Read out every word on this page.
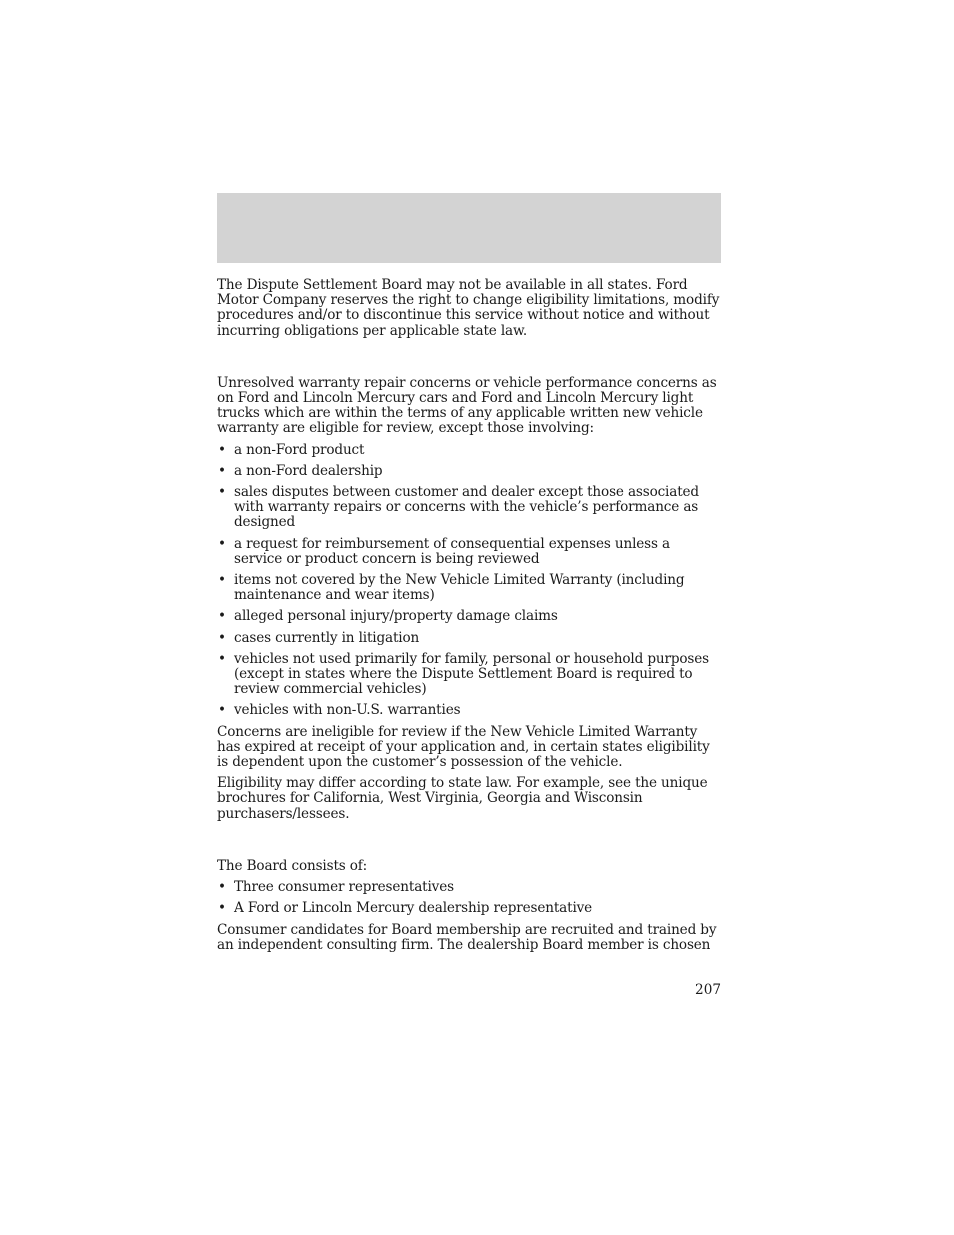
The Dispute Settlement Board may not be available in all states. Ford Motor Company reserves the right to change eligibility limitations, modify procedures and/or to discontinue this service without notice and without incurring obligations per applicable state law.

Unresolved warranty repair concerns or vehicle performance concerns as on Ford and Lincoln Mercury cars and Ford and Lincoln Mercury light trucks which are within the terms of any applicable written new vehicle warranty are eligible for review, except those involving:

• a non-Ford product
• a non-Ford dealership
• sales disputes between customer and dealer except those associated with warranty repairs or concerns with the vehicle’s performance as designed
• a request for reimbursement of consequential expenses unless a service or product concern is being reviewed
• items not covered by the New Vehicle Limited Warranty (including maintenance and wear items)
• alleged personal injury/property damage claims
• cases currently in litigation
• vehicles not used primarily for family, personal or household purposes (except in states where the Dispute Settlement Board is required to review commercial vehicles)
• vehicles with non-U.S. warranties

Concerns are ineligible for review if the New Vehicle Limited Warranty has expired at receipt of your application and, in certain states eligibility is dependent upon the customer’s possession of the vehicle.

Eligibility may differ according to state law. For example, see the unique brochures for California, West Virginia, Georgia and Wisconsin purchasers/lessees.

The Board consists of:

• Three consumer representatives
• A Ford or Lincoln Mercury dealership representative

Consumer candidates for Board membership are recruited and trained by an independent consulting firm. The dealership Board member is chosen

207
